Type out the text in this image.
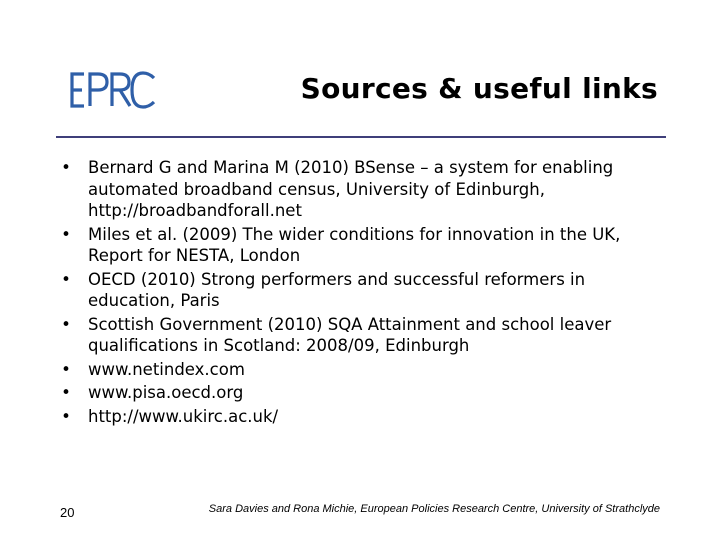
Sources & useful links
• Bernard G and Marina M (2010) BSense – a system for enabling automated broadband census, University of Edinburgh, http://broadbandforall.net
• Miles et al. (2009) The wider conditions for innovation in the UK, Report for NESTA, London
• OECD (2010) Strong performers and successful reformers in education, Paris
• Scottish Government (2010) SQA Attainment and school leaver qualifications in Scotland: 2008/09, Edinburgh
• www.netindex.com
• www.pisa.oecd.org
• http://www.ukirc.ac.uk/
20	Sara Davies and Rona Michie, European Policies Research Centre, University of Strathclyde
